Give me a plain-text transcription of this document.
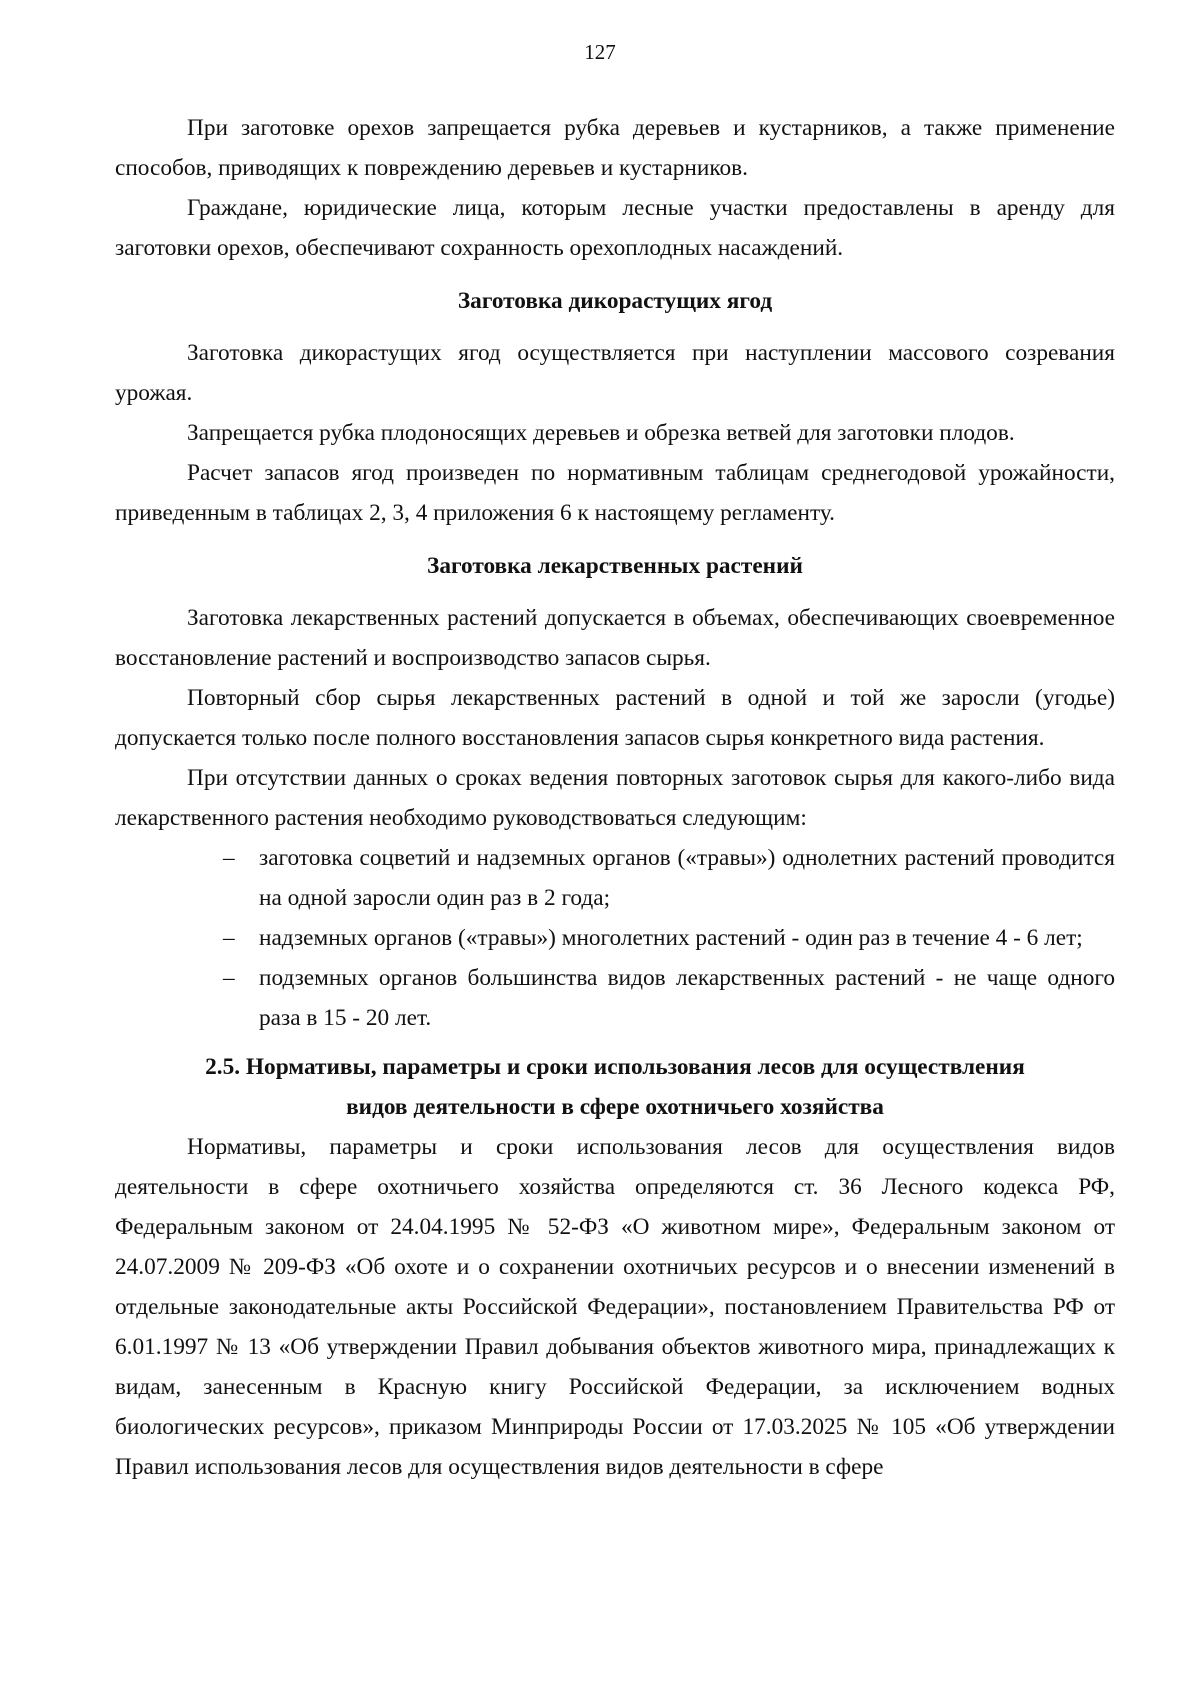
127

При заготовке орехов запрещается рубка деревьев и кустарников, а также применение способов, приводящих к повреждению деревьев и кустарников.

Граждане, юридические лица, которым лесные участки предоставлены в аренду для заготовки орехов, обеспечивают сохранность орехоплодных насаждений.

Заготовка дикорастущих ягод

Заготовка дикорастущих ягод осуществляется при наступлении массового созревания урожая.

Запрещается рубка плодоносящих деревьев и обрезка ветвей для заготовки плодов.

Расчет запасов ягод произведен по нормативным таблицам среднегодовой урожайности, приведенным в таблицах 2, 3, 4 приложения 6 к настоящему регламенту.

Заготовка лекарственных растений

Заготовка лекарственных растений допускается в объемах, обеспечивающих своевременное восстановление растений и воспроизводство запасов сырья.

Повторный сбор сырья лекарственных растений в одной и той же заросли (угодье) допускается только после полного восстановления запасов сырья конкретного вида растения.

При отсутствии данных о сроках ведения повторных заготовок сырья для какого-либо вида лекарственного растения необходимо руководствоваться следующим:

– заготовка соцветий и надземных органов («травы») однолетних растений проводится на одной заросли один раз в 2 года;
– надземных органов («травы») многолетних растений - один раз в течение 4 - 6 лет;
– подземных органов большинства видов лекарственных растений - не чаще одного раза в 15 - 20 лет.
2.5. Нормативы, параметры и сроки использования лесов для осуществления видов деятельности в сфере охотничьего хозяйства

Нормативы, параметры и сроки использования лесов для осуществления видов деятельности в сфере охотничьего хозяйства определяются ст. 36 Лесного кодекса РФ, Федеральным законом от 24.04.1995 № 52-ФЗ «О животном мире», Федеральным законом от 24.07.2009 № 209-ФЗ «Об охоте и о сохранении охотничьих ресурсов и о внесении изменений в отдельные законодательные акты Российской Федерации», постановлением Правительства РФ от 6.01.1997 № 13 «Об утверждении Правил добывания объектов животного мира, принадлежащих к видам, занесенным в Красную книгу Российской Федерации, за исключением водных биологических ресурсов», приказом Минприроды России от 17.03.2025 № 105 «Об утверждении Правил использования лесов для осуществления видов деятельности в сфере
